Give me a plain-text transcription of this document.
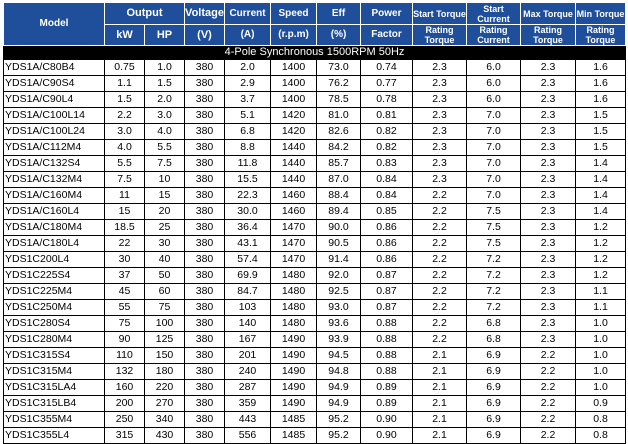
Model	Output		Voltage	Current	Speed	Eff	Power	Start Torque	Start Current	Max Torque	Min Torque
	kW	HP	(V)	(A)	(r.p.m)	(%)	Factor	Rating Torque	Rating Current	Rating Torque	Rating Torque
4-Pole Synchronous 1500RPM 50Hz											
YDS1A/C80B4	0.75	1.0	380	2.0	1400	73.0	0.74	2.3	6.0	2.3	1.6
YDS1A/C90S4	1.1	1.5	380	2.9	1400	76.2	0.77	2.3	6.0	2.3	1.6
YDS1A/C90L4	1.5	2.0	380	3.7	1400	78.5	0.78	2.3	6.0	2.3	1.6
YDS1A/C100L14	2.2	3.0	380	5.1	1420	81.0	0.81	2.3	7.0	2.3	1.5
YDS1A/C100L24	3.0	4.0	380	6.8	1420	82.6	0.82	2.3	7.0	2.3	1.5
YDS1A/C112M4	4.0	5.5	380	8.8	1440	84.2	0.82	2.3	7.0	2.3	1.5
YDS1A/C132S4	5.5	7.5	380	11.8	1440	85.7	0.83	2.3	7.0	2.3	1.4
YDS1A/C132M4	7.5	10	380	15.5	1440	87.0	0.84	2.3	7.0	2.3	1.4
YDS1A/C160M4	11	15	380	22.3	1460	88.4	0.84	2.2	7.0	2.3	1.4
YDS1A/C160L4	15	20	380	30.0	1460	89.4	0.85	2.2	7.5	2.3	1.4
YDS1A/C180M4	18.5	25	380	36.4	1470	90.0	0.86	2.2	7.5	2.3	1.2
YDS1A/C180L4	22	30	380	43.1	1470	90.5	0.86	2.2	7.5	2.3	1.2
YDS1C200L4	30	40	380	57.4	1470	91.4	0.86	2.2	7.2	2.3	1.2
YDS1C225S4	37	50	380	69.9	1480	92.0	0.87	2.2	7.2	2.3	1.2
YDS1C225M4	45	60	380	84.7	1480	92.5	0.87	2.2	7.2	2.3	1.1
YDS1C250M4	55	75	380	103	1480	93.0	0.87	2.2	7.2	2.3	1.1
YDS1C280S4	75	100	380	140	1480	93.6	0.88	2.2	6.8	2.3	1.0
YDS1C280M4	90	125	380	167	1490	93.9	0.88	2.2	6.8	2.3	1.0
YDS1C315S4	110	150	380	201	1490	94.5	0.88	2.1	6.9	2.2	1.0
YDS1C315M4	132	180	380	240	1490	94.8	0.88	2.1	6.9	2.2	1.0
YDS1C315LA4	160	220	380	287	1490	94.9	0.89	2.1	6.9	2.2	1.0
YDS1C315LB4	200	270	380	359	1490	94.9	0.89	2.1	6.9	2.2	0.9
YDS1C355M4	250	340	380	443	1485	95.2	0.90	2.1	6.9	2.2	0.8
YDS1C355L4	315	430	380	556	1485	95.2	0.90	2.1	6.9	2.2	0.8
